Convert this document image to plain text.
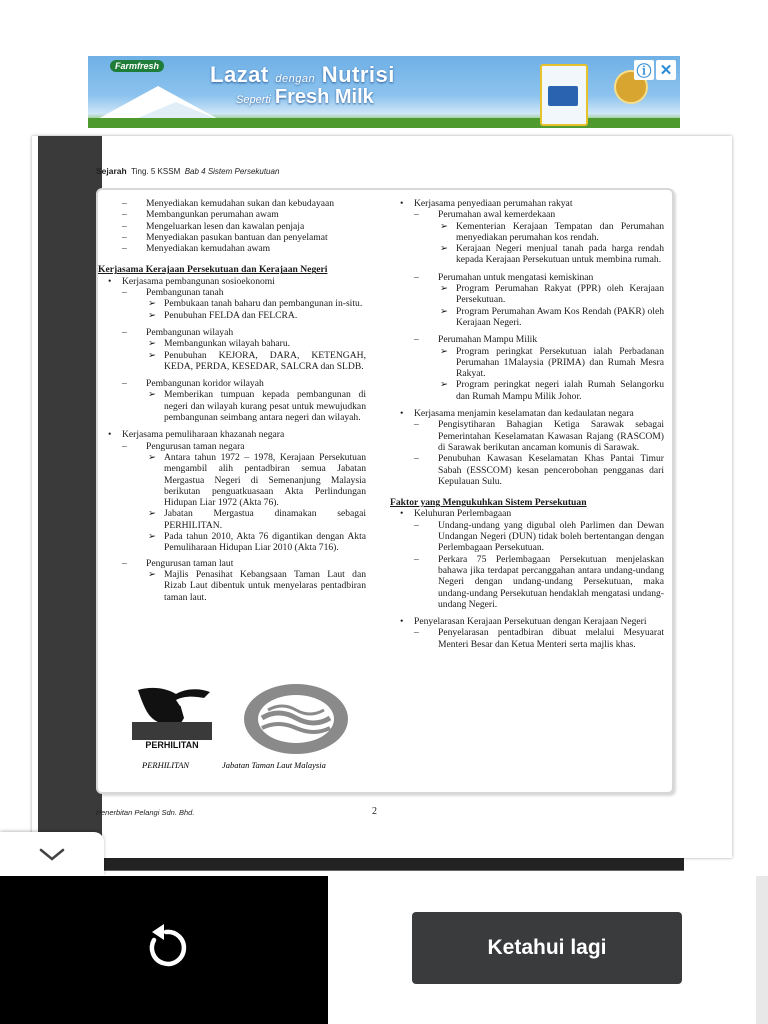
Farmfresh Lazat dengan Nutrisi
Seperti Fresh Milk
ⓘ ✕
Sejarah Ting. 5 KSSM Bab 4 Sistem Persekutuan
– Menyediakan kemudahan sukan dan kebudayaan
– Membangunkan perumahan awam
– Mengeluarkan lesen dan kawalan penjaja
– Menyediakan pasukan bantuan dan penyelamat
– Menyediakan kemudahan awam
Kerjasama Kerajaan Persekutuan dan Kerajaan Negeri
• Kerjasama pembangunan sosioekonomi
– Pembangunan tanah
➢ Pembukaan tanah baharu dan pembangunan in-situ.
➢ Penubuhan FELDA dan FELCRA.
– Pembangunan wilayah
➢ Membangunkan wilayah baharu.
➢ Penubuhan KEJORA, DARA, KETENGAH, KEDA, PERDA, KESEDAR, SALCRA dan SLDB.
– Pembangunan koridor wilayah
➢ Memberikan tumpuan kepada pembangunan di negeri dan wilayah kurang pesat untuk mewujudkan pembangunan seimbang antara negeri dan wilayah.
• Kerjasama pemuliharaan khazanah negara
– Pengurusan taman negara
➢ Antara tahun 1972 – 1978, Kerajaan Persekutuan mengambil alih pentadbiran semua Jabatan Mergastua Negeri di Semenanjung Malaysia berikutan penguatkuasaan Akta Perlindungan Hidupan Liar 1972 (Akta 76).
➢ Jabatan Mergastua dinamakan sebagai PERHILITAN.
➢ Pada tahun 2010, Akta 76 digantikan dengan Akta Pemuliharaan Hidupan Liar 2010 (Akta 716).
– Pengurusan taman laut
➢ Majlis Penasihat Kebangsaan Taman Laut dan Rizab Laut dibentuk untuk menyelaras pentadbiran taman laut.
• Kerjasama penyediaan perumahan rakyat
– Perumahan awal kemerdekaan
➢ Kementerian Kerajaan Tempatan dan Perumahan menyediakan perumahan kos rendah.
➢ Kerajaan Negeri menjual tanah pada harga rendah kepada Kerajaan Persekutuan untuk membina rumah.
– Perumahan untuk mengatasi kemiskinan
➢ Program Perumahan Rakyat (PPR) oleh Kerajaan Persekutuan.
➢ Program Perumahan Awam Kos Rendah (PAKR) oleh Kerajaan Negeri.
– Perumahan Mampu Milik
➢ Program peringkat Persekutuan ialah Perbadanan Perumahan 1Malaysia (PRIMA) dan Rumah Mesra Rakyat.
➢ Program peringkat negeri ialah Rumah Selangorku dan Rumah Mampu Milik Johor.
• Kerjasama menjamin keselamatan dan kedaulatan negara
– Pengisytiharan Bahagian Ketiga Sarawak sebagai Pemerintahan Keselamatan Kawasan Rajang (RASCOM) di Sarawak berikutan ancaman komunis di Sarawak.
– Penubuhan Kawasan Keselamatan Khas Pantai Timur Sabah (ESSCOM) kesan pencerobohan pengganas dari Kepulauan Sulu.
Faktor yang Mengukuhkan Sistem Persekutuan
• Keluhuran Perlembagaan
– Undang-undang yang digubal oleh Parlimen dan Dewan Undangan Negeri (DUN) tidak boleh bertentangan dengan Perlembagaan Persekutuan.
– Perkara 75 Perlembagaan Persekutuan menjelaskan bahawa jika terdapat percanggahan antara undang-undang Negeri dengan undang-undang Persekutuan, maka undang-undang Persekutuan hendaklah mengatasi undang-undang Negeri.
• Penyelarasan Kerajaan Persekutuan dengan Kerajaan Negeri
– Penyelarasan pentadbiran dibuat melalui Mesyuarat Menteri Besar dan Ketua Menteri serta majlis khas.
PERHILITAN
PERHILITAN	Jabatan Taman Laut Malaysia
Penerbitan Pelangi Sdn. Bhd.	2
Ketahui lagi
